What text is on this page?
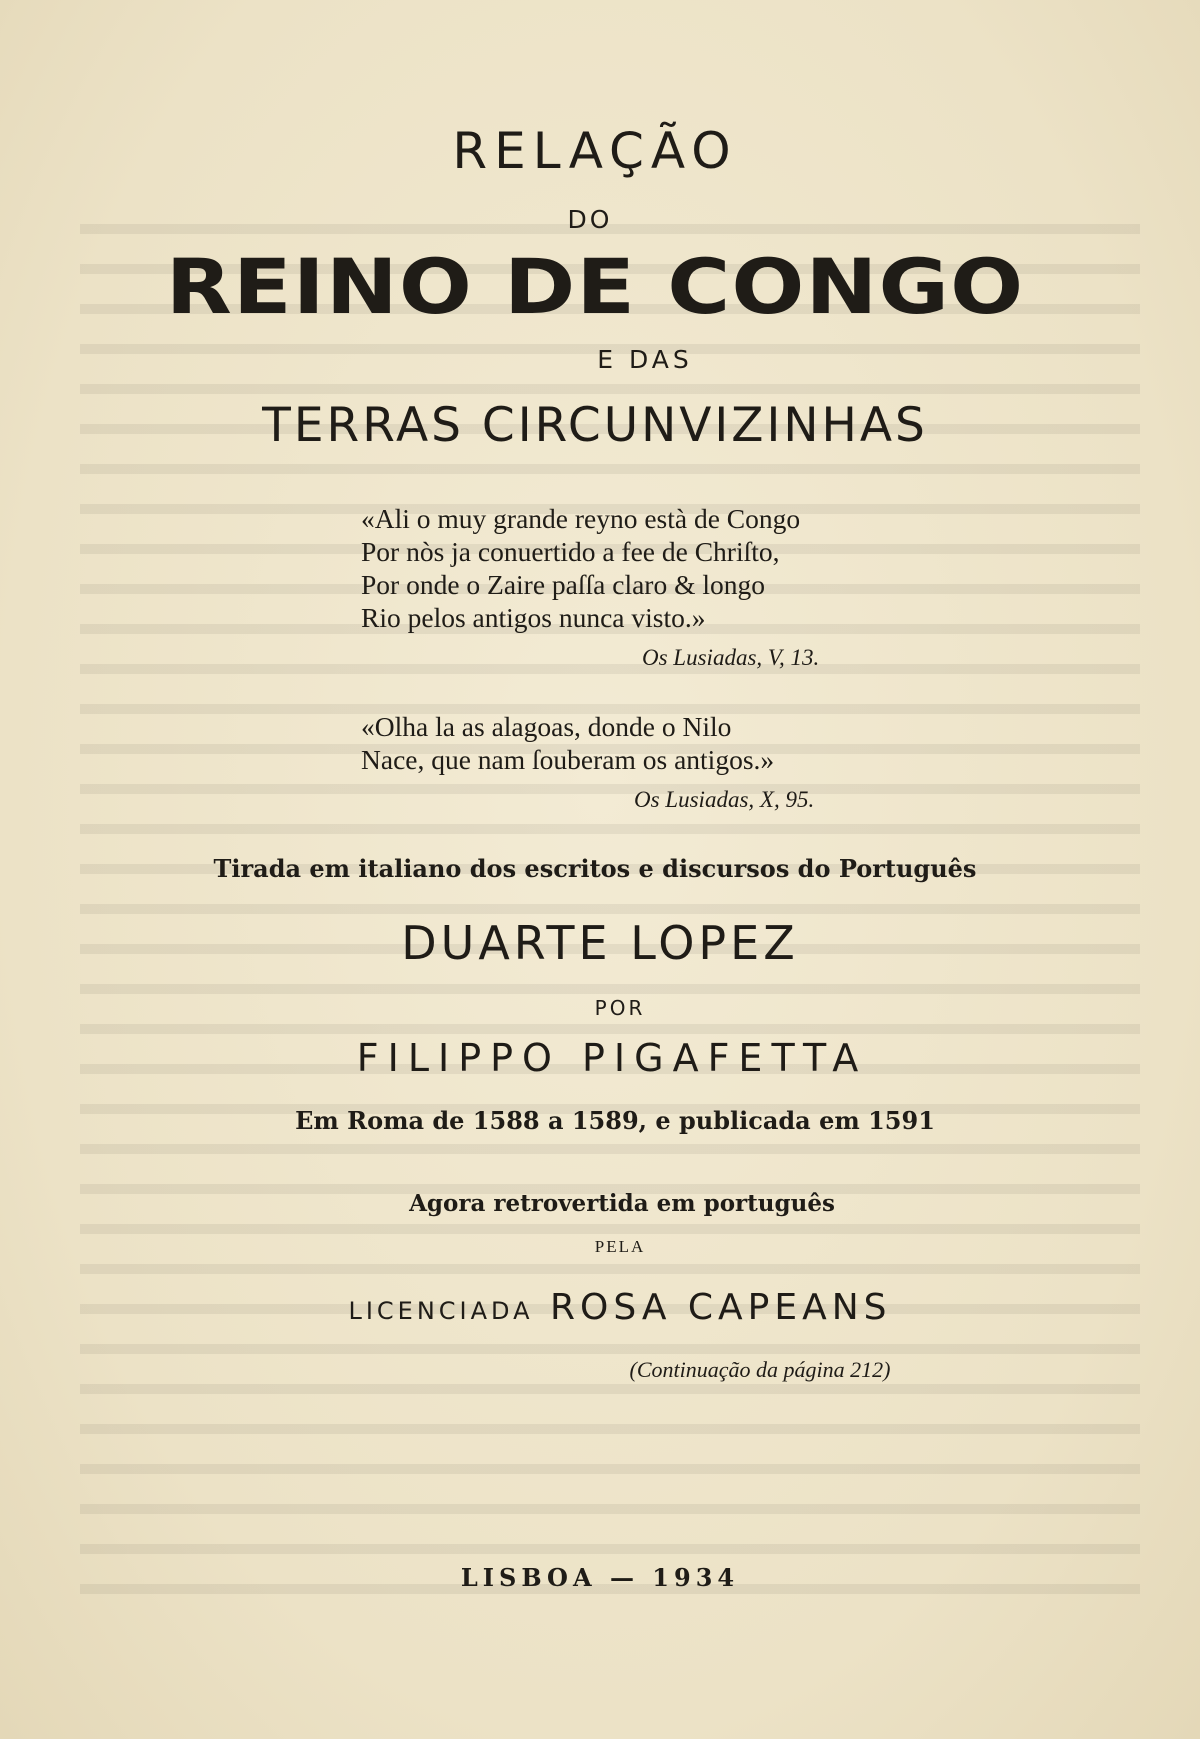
RELAÇÃO
DO
REINO DE CONGO
E DAS
TERRAS CIRCUNVIZINHAS
«Ali o muy grande reyno està de Congo
Por nòs ja conuertido a fee de Chriſto,
Por onde o Zaire paſſa claro & longo
Rio pelos antigos nunca visto.»
Os Lusiadas, V, 13.
«Olha la as alagoas, donde o Nilo
Nace, que nam ſouberam os antigos.»
Os Lusiadas, X, 95.
Tirada em italiano dos escritos e discursos do Português
DUARTE LOPEZ
POR
FILIPPO PIGAFETTA
Em Roma de 1588 a 1589, e publicada em 1591
Agora retrovertida em português
PELA
LICENCIADA ROSA CAPEANS
(Continuação da página 212)
LISBOA — 1934
